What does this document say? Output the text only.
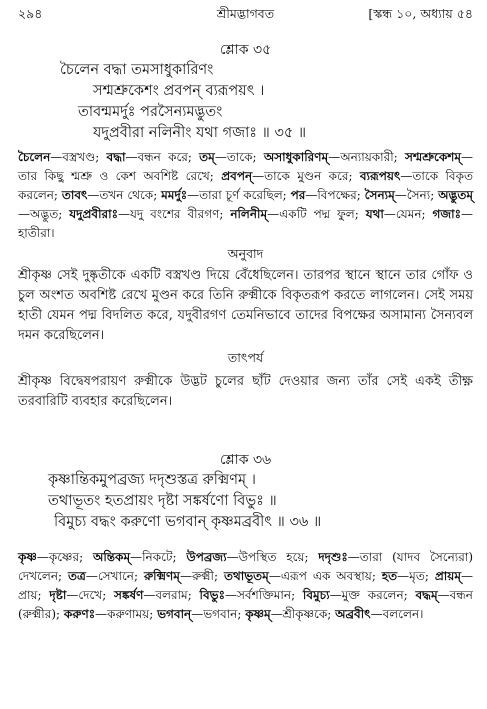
২৯৪	শ্রীমদ্ভাগবত	[স্কন্ধ ১০, অধ্যায় ৫৪
শ্লোক ৩৫
চৈলেন বদ্ধা তমসাধুকারিণং
সশ্মশ্রুকেশং প্রবপন্ ব্যরূপয়ৎ ।
তাবন্মমর্দুঃ পরসৈন্যমদ্ভুতং
যদুপ্রবীরা নলিনীং যথা গজাঃ ॥ ৩৫ ॥
চৈলেন—বস্ত্রখণ্ড; বদ্ধা—বন্ধন করে; তম্—তাকে; অসাধুকারিণম্—অন্যায়কারী; সশ্মশ্রুকেশম্—তার কিছু শ্মশ্রু ও কেশ অবশিষ্ট রেখে; প্রবপন্—তাকে মুণ্ডন করে; ব্যরূপয়ৎ—তাকে বিকৃত করলেন; তাবৎ—তখন থেকে; মমর্দুঃ—তারা চূর্ণ করেছিল; পর—বিপক্ষের; সৈন্যম্—সৈন্য; অদ্ভুতম্—অদ্ভুত; যদুপ্রবীরাঃ—যদু বংশের বীরগণ; নলিনীম্—একটি পদ্ম ফুল; যথা—যেমন; গজাঃ—হাতীরা।
অনুবাদ
শ্রীকৃষ্ণ সেই দুষ্কৃতীকে একটি বস্ত্রখণ্ড দিয়ে বেঁধেছিলেন। তারপর স্থানে স্থানে তার গোঁফ ও চুল অংশত অবশিষ্ট রেখে মুণ্ডন করে তিনি রুক্মীকে বিকৃতরূপ করতে লাগলেন। সেই সময় হাতী যেমন পদ্ম বিদলিত করে, যদুবীরগণ তেমনিভাবে তাদের বিপক্ষের অসামান্য সৈন্যবল দমন করেছিলেন।
তাৎপর্য
শ্রীকৃষ্ণ বিদ্বেষপরায়ণ রুক্মীকে উদ্ভট চুলের ছাঁট দেওয়ার জন্য তাঁর সেই একই তীক্ষ্ণ তরবারিটি ব্যবহার করেছিলেন।
শ্লোক ৩৬
কৃষ্ণান্তিকমুপব্রজ্য দদৃশুস্তত্র রুক্মিণম্ ।
তথাভূতং হতপ্রায়ং দৃষ্টা সঙ্কর্ষণো বিভুঃ ॥
বিমুচ্য বদ্ধং করুণো ভগবান্ কৃষ্ণমব্রবীৎ ॥ ৩৬ ॥
কৃষ্ণ—কৃষ্ণের; অন্তিকম্—নিকটে; উপব্রজ্য—উপস্থিত হয়ে; দদৃশুঃ—তারা (যাদব সৈন্যেরা) দেখলেন; তত্র—সেখানে; রুক্মিণম্—রুক্মী; তথাভূতম্—এরূপ এক অবস্থায়; হত—মৃত; প্রায়ম্—প্রায়; দৃষ্টা—দেখে; সঙ্কর্ষণ—বলরাম; বিভুঃ—সর্বশক্তিমান; বিমুচ্য—মুক্ত করলেন; বদ্ধম্—বন্ধন (রুক্মীর); করুণঃ—করুণাময়; ভগবান্—ভগবান; কৃষ্ণম্—শ্রীকৃষ্ণকে; অব্রবীৎ—বললেন।
